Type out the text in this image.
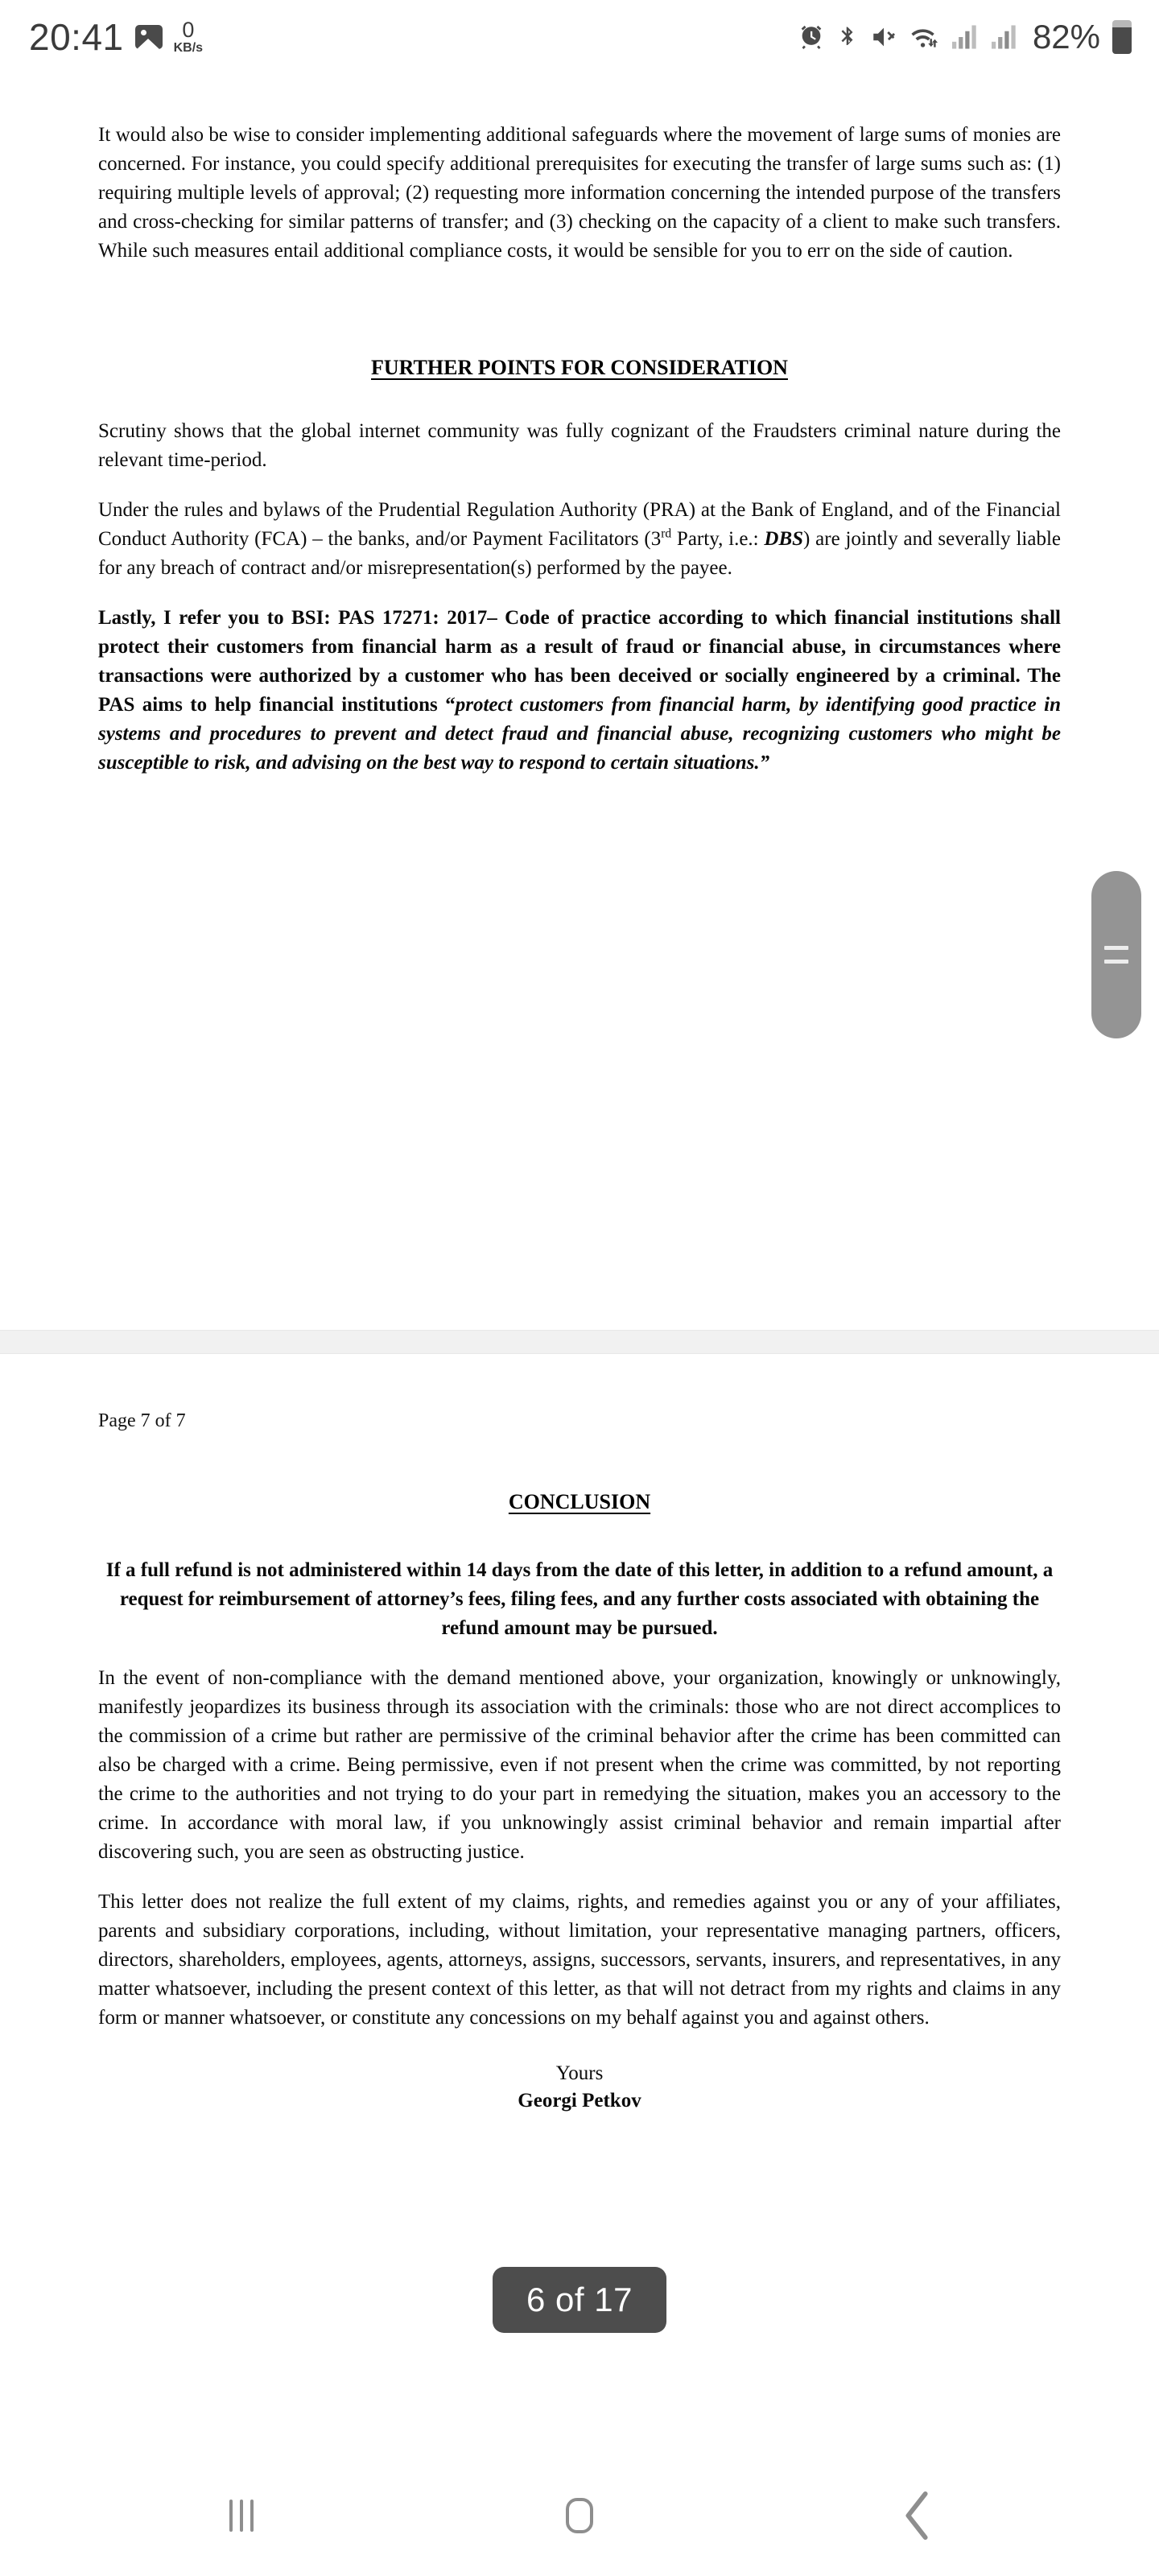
20:41	0
KB/s	82%

It would also be wise to consider implementing additional safeguards where the movement of large sums of monies are concerned. For instance, you could specify additional prerequisites for executing the transfer of large sums such as: (1) requiring multiple levels of approval; (2) requesting more information concerning the intended purpose of the transfers and cross-checking for similar patterns of transfer; and (3) checking on the capacity of a client to make such transfers. While such measures entail additional compliance costs, it would be sensible for you to err on the side of caution.

FURTHER POINTS FOR CONSIDERATION

Scrutiny shows that the global internet community was fully cognizant of the Fraudsters criminal nature during the relevant time-period.

Under the rules and bylaws of the Prudential Regulation Authority (PRA) at the Bank of England, and of the Financial Conduct Authority (FCA) – the banks, and/or Payment Facilitators (3rd Party, i.e.: DBS) are jointly and severally liable for any breach of contract and/or misrepresentation(s) performed by the payee.

Lastly, I refer you to BSI: PAS 17271: 2017– Code of practice according to which financial institutions shall protect their customers from financial harm as a result of fraud or financial abuse, in circumstances where transactions were authorized by a customer who has been deceived or socially engineered by a criminal. The PAS aims to help financial institutions “protect customers from financial harm, by identifying good practice in systems and procedures to prevent and detect fraud and financial abuse, recognizing customers who might be susceptible to risk, and advising on the best way to respond to certain situations.”

Page 7 of 7

CONCLUSION

If a full refund is not administered within 14 days from the date of this letter, in addition to a refund amount, a request for reimbursement of attorney’s fees, filing fees, and any further costs associated with obtaining the refund amount may be pursued.

In the event of non-compliance with the demand mentioned above, your organization, knowingly or unknowingly, manifestly jeopardizes its business through its association with the criminals: those who are not direct accomplices to the commission of a crime but rather are permissive of the criminal behavior after the crime has been committed can also be charged with a crime. Being permissive, even if not present when the crime was committed, by not reporting the crime to the authorities and not trying to do your part in remedying the situation, makes you an accessory to the crime. In accordance with moral law, if you unknowingly assist criminal behavior and remain impartial after discovering such, you are seen as obstructing justice.

This letter does not realize the full extent of my claims, rights, and remedies against you or any of your affiliates, parents and subsidiary corporations, including, without limitation, your representative managing partners, officers, directors, shareholders, employees, agents, attorneys, assigns, successors, servants, insurers, and representatives, in any matter whatsoever, including the present context of this letter, as that will not detract from my rights and claims in any form or manner whatsoever, or constitute any concessions on my behalf against you and against others.

Yours
Georgi Petkov
6 of 17
